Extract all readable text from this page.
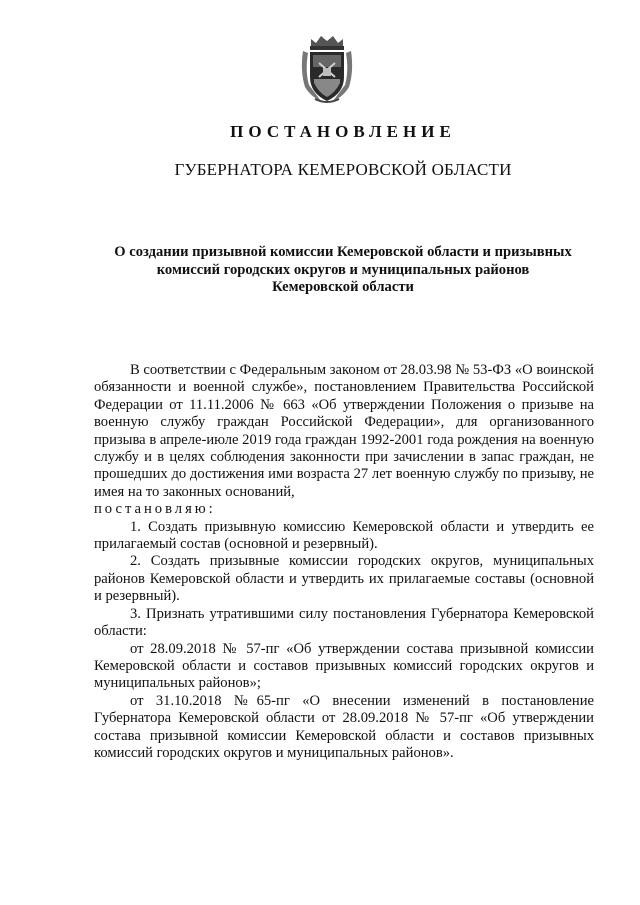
ПОСТАНОВЛЕНИЕ
ГУБЕРНАТОРА КЕМЕРОВСКОЙ ОБЛАСТИ
О создании призывной комиссии Кемеровской области и призывных
комиссий городских округов и муниципальных районов
Кемеровской области

В соответствии с Федеральным законом от 28.03.98 № 53-ФЗ «О воинской обязанности и военной службе», постановлением Правительства Российской Федерации от 11.11.2006 № 663 «Об утверждении Положения о призыве на военную службу граждан Российской Федерации», для организованного призыва в апреле-июле 2019 года граждан 1992-2001 года рождения на военную службу и в целях соблюдения законности при зачислении в запас граждан, не прошедших до достижения ими возраста 27 лет военную службу по призыву, не имея на то законных оснований,

постановляю:

1. Создать призывную комиссию Кемеровской области и утвердить ее прилагаемый состав (основной и резервный).

2. Создать призывные комиссии городских округов, муниципальных районов Кемеровской области и утвердить их прилагаемые составы (основной и резервный).

3. Признать утратившими силу постановления Губернатора Кемеровской области:

от 28.09.2018 № 57-пг «Об утверждении состава призывной комиссии Кемеровской области и составов призывных комиссий городских округов и муниципальных районов»;

от 31.10.2018 №65-пг «О внесении изменений в постановление Губернатора Кемеровской области от 28.09.2018 № 57-пг «Об утверждении состава призывной комиссии Кемеровской области и составов призывных комиссий городских округов и муниципальных районов».
